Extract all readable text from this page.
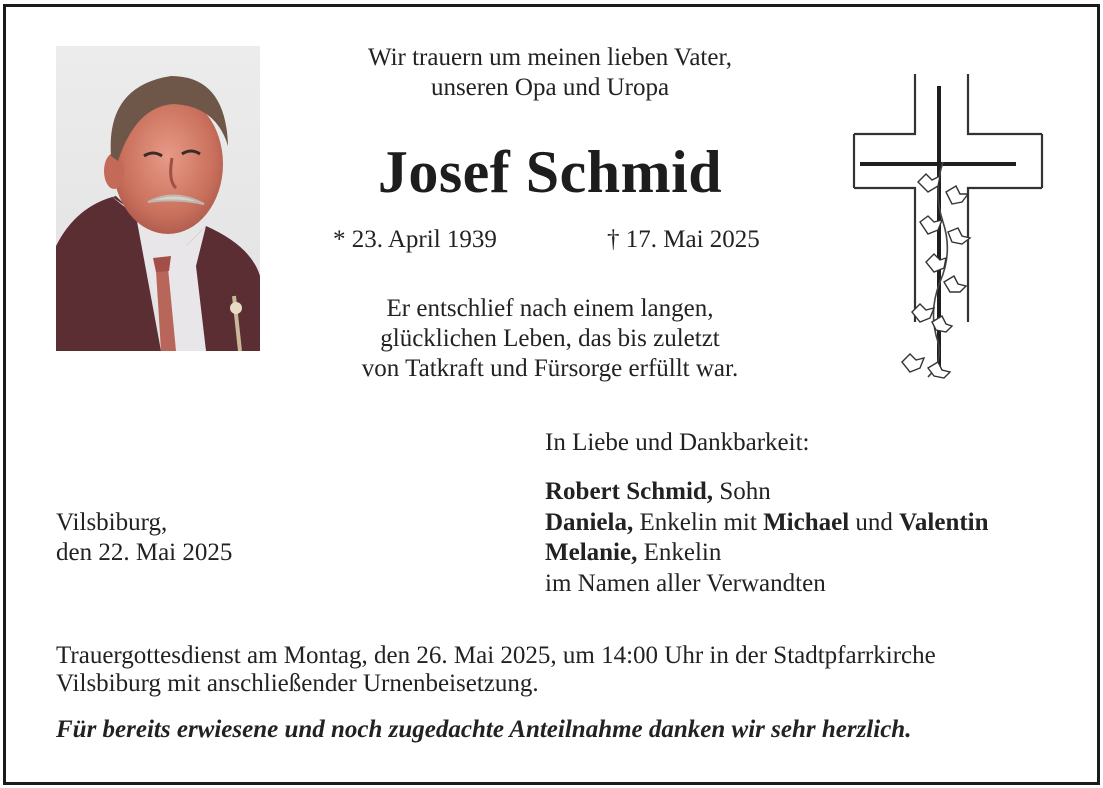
Wir trauern um meinen lieben Vater,
unseren Opa und Uropa
Josef Schmid
* 23. April 1939	† 17. Mai 2025
Er entschlief nach einem langen,
glücklichen Leben, das bis zuletzt
von Tatkraft und Fürsorge erfüllt war.
Vilsbiburg,
den 22. Mai 2025
In Liebe und Dankbarkeit:
Robert Schmid, Sohn
Daniela, Enkelin mit Michael und Valentin
Melanie, Enkelin
im Namen aller Verwandten
Trauergottesdienst am Montag, den 26. Mai 2025, um 14:00 Uhr in der Stadtpfarrkirche
Vilsbiburg mit anschließender Urnenbeisetzung.
Für bereits erwiesene und noch zugedachte Anteilnahme danken wir sehr herzlich.
